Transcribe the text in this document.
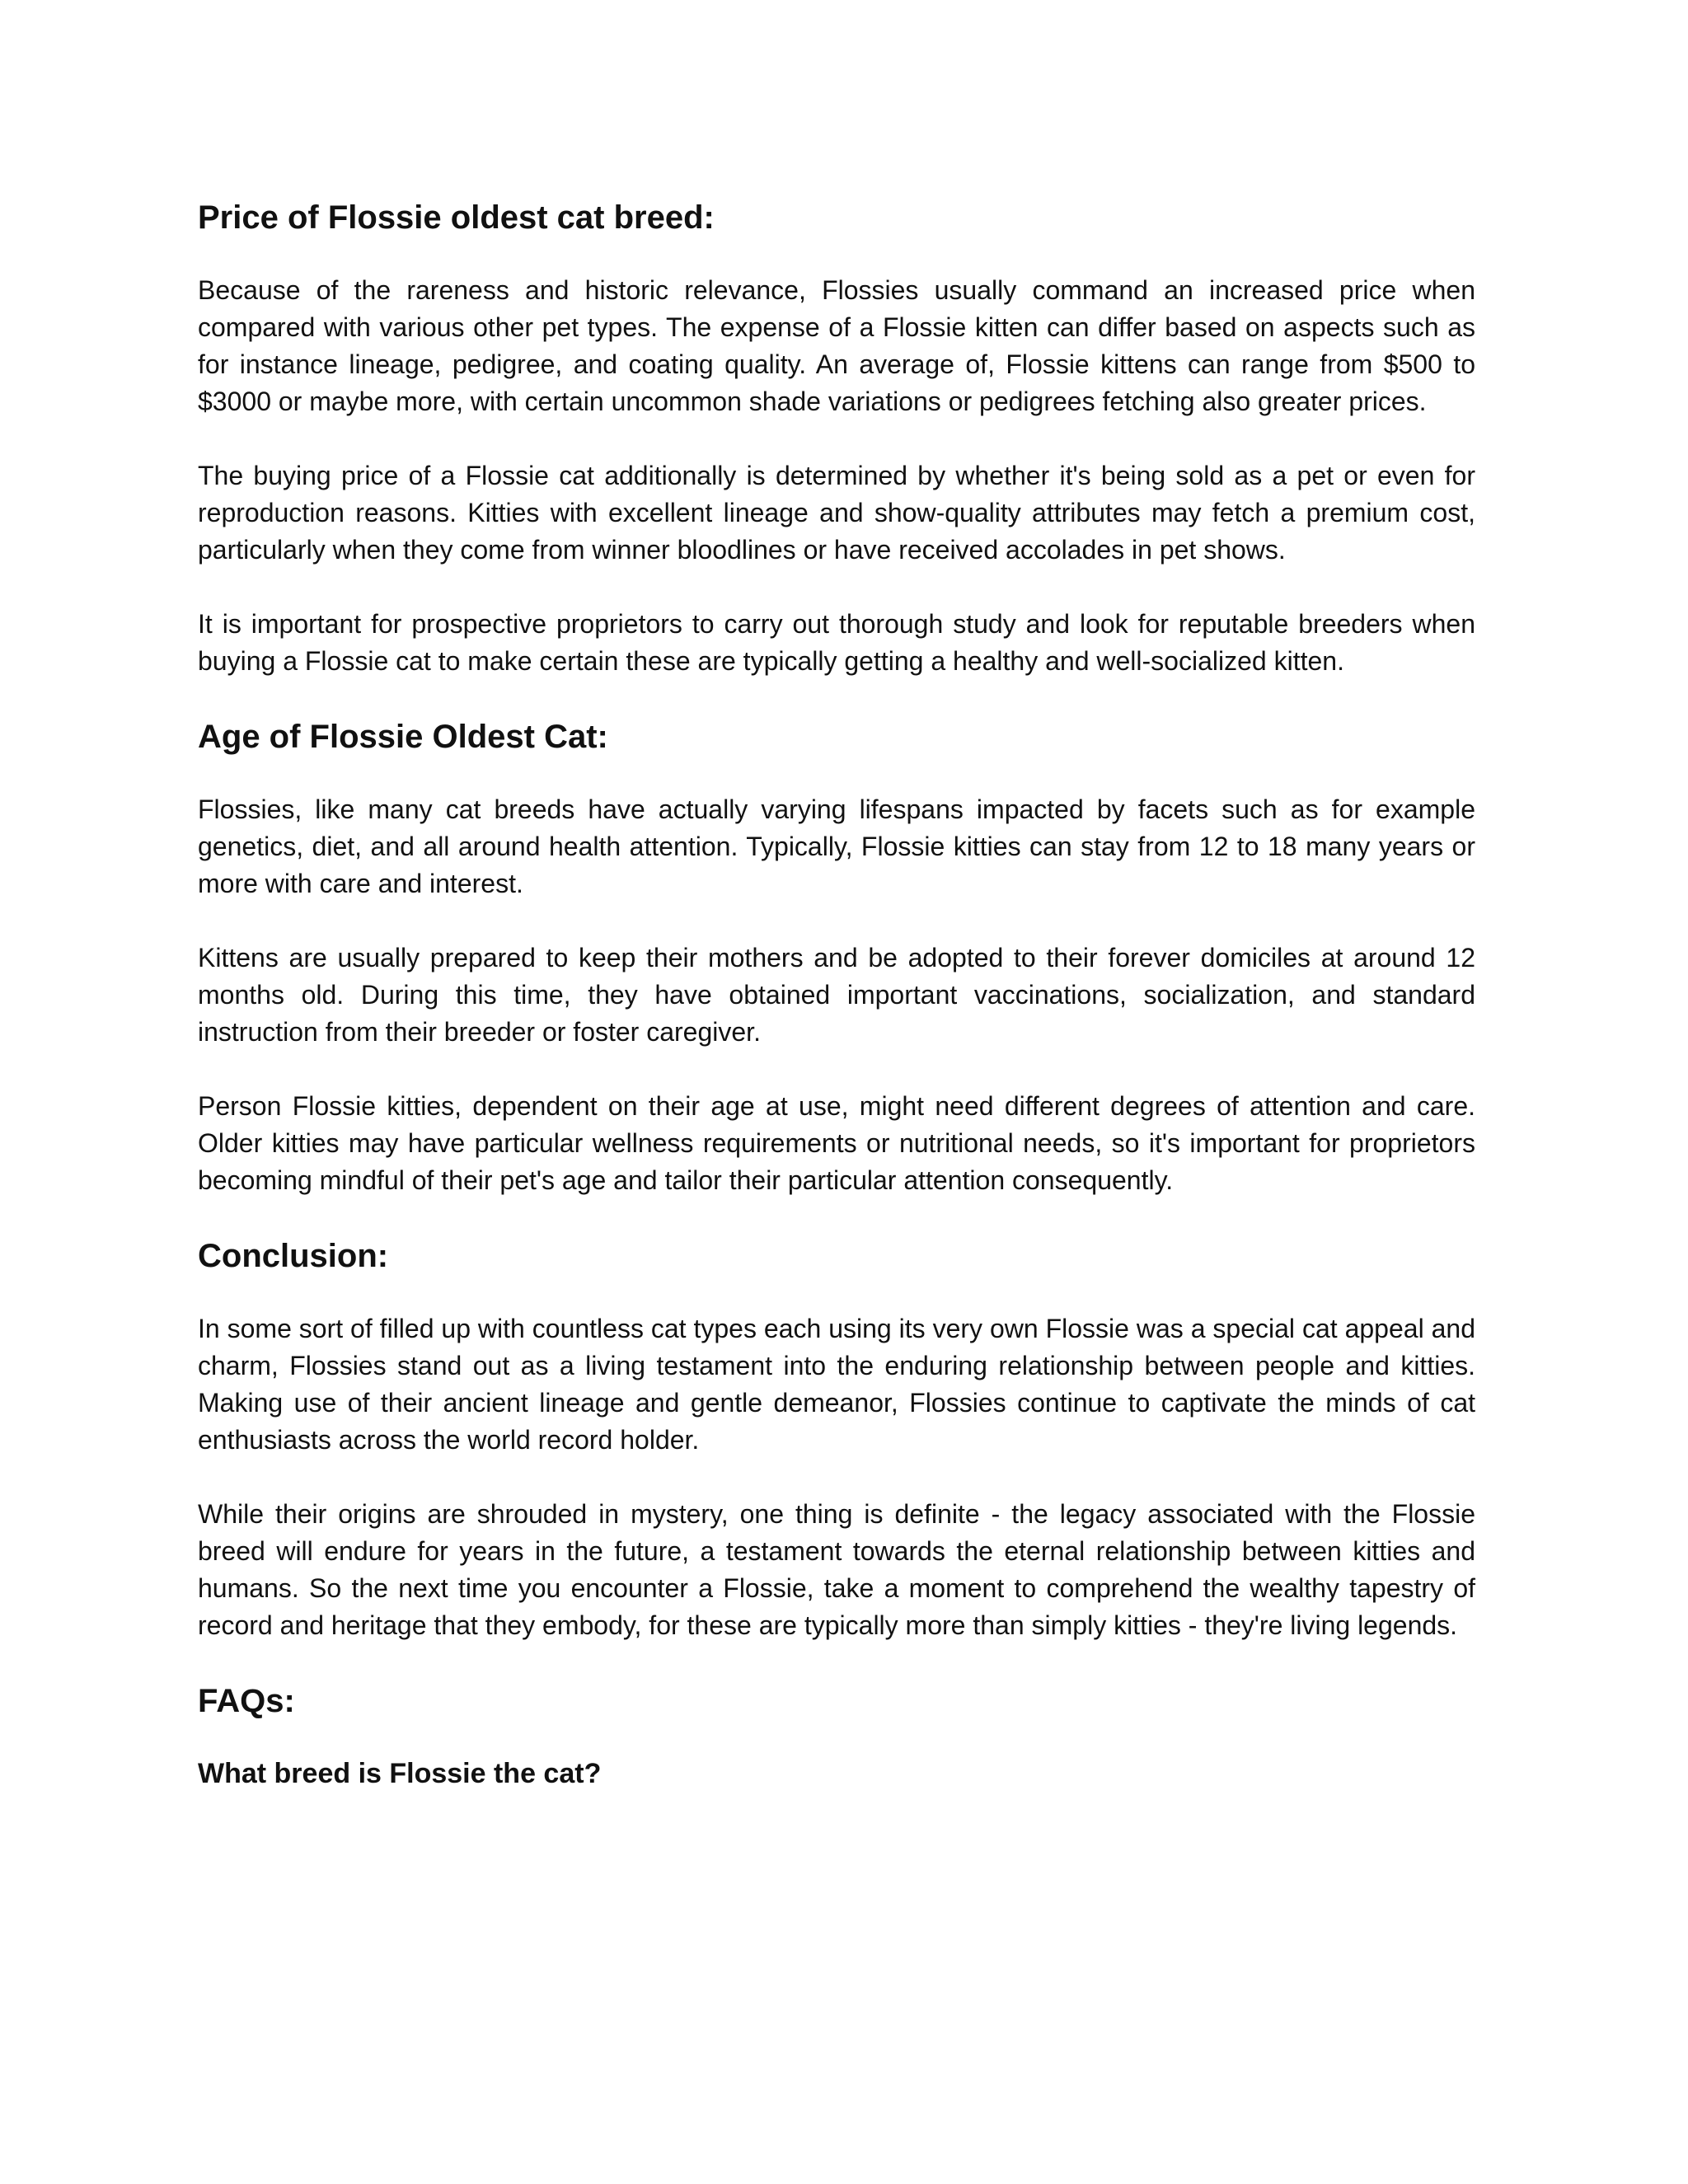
Price of Flossie oldest cat breed:

Because of the rareness and historic relevance, Flossies usually command an increased price when compared with various other pet types. The expense of a Flossie kitten can differ based on aspects such as for instance lineage, pedigree, and coating quality. An average of, Flossie kittens can range from $500 to $3000 or maybe more, with certain uncommon shade variations or pedigrees fetching also greater prices.

The buying price of a Flossie cat additionally is determined by whether it's being sold as a pet or even for reproduction reasons. Kitties with excellent lineage and show-quality attributes may fetch a premium cost, particularly when they come from winner bloodlines or have received accolades in pet shows.

It is important for prospective proprietors to carry out thorough study and look for reputable breeders when buying a Flossie cat to make certain these are typically getting a healthy and well-socialized kitten.

Age of Flossie Oldest Cat:

Flossies, like many cat breeds have actually varying lifespans impacted by facets such as for example genetics, diet, and all around health attention. Typically, Flossie kitties can stay from 12 to 18 many years or more with care and interest.

Kittens are usually prepared to keep their mothers and be adopted to their forever domiciles at around 12 months old. During this time, they have obtained important vaccinations, socialization, and standard instruction from their breeder or foster caregiver.

Person Flossie kitties, dependent on their age at use, might need different degrees of attention and care. Older kitties may have particular wellness requirements or nutritional needs, so it's important for proprietors becoming mindful of their pet's age and tailor their particular attention consequently.

Conclusion:

In some sort of filled up with countless cat types each using its very own Flossie was a special cat appeal and charm, Flossies stand out as a living testament into the enduring relationship between people and kitties. Making use of their ancient lineage and gentle demeanor, Flossies continue to captivate the minds of cat enthusiasts across the world record holder.

While their origins are shrouded in mystery, one thing is definite - the legacy associated with the Flossie breed will endure for years in the future, a testament towards the eternal relationship between kitties and humans. So the next time you encounter a Flossie, take a moment to comprehend the wealthy tapestry of record and heritage that they embody, for these are typically more than simply kitties - they're living legends.

FAQs:
What breed is Flossie the cat?
